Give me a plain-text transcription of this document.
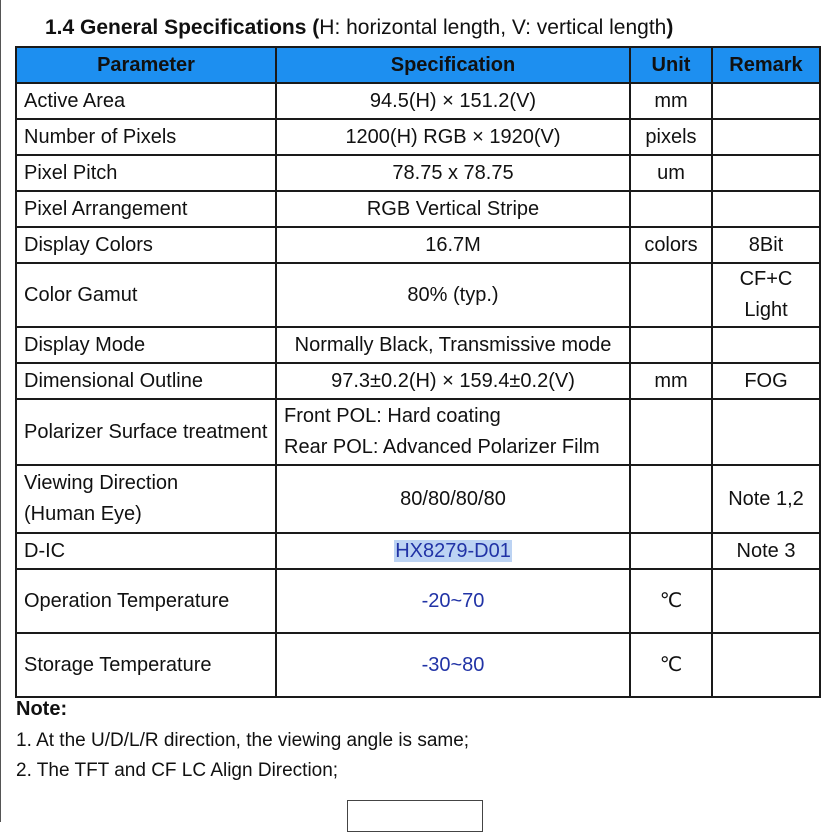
1.4 General Specifications (H: horizontal length, V: vertical length)
Parameter	Specification	Unit	Remark
Active Area	94.5(H) × 151.2(V)	mm	
Number of Pixels	1200(H) RGB × 1920(V)	pixels	
Pixel Pitch	78.75 x 78.75	um	
Pixel Arrangement	RGB Vertical Stripe		
Display Colors	16.7M	colors	8Bit
Color Gamut	80% (typ.)		CF+C
Light

Display Mode	Normally Black, Transmissive mode		
Dimensional Outline	97.3±0.2(H) × 159.4±0.2(V)	mm	FOG
Polarizer Surface treatment	Front POL: Hard coating
Rear POL: Advanced Polarizer Film		

Viewing Direction
(Human Eye)	80/80/80/80		Note 1,2
D-IC	HX8279-D01		Note 3
Operation Temperature	-20~70	℃	
Storage Temperature	-30~80	℃	
Note:
1. At the U/D/L/R direction, the viewing angle is same;
2. The TFT and CF LC Align Direction;
